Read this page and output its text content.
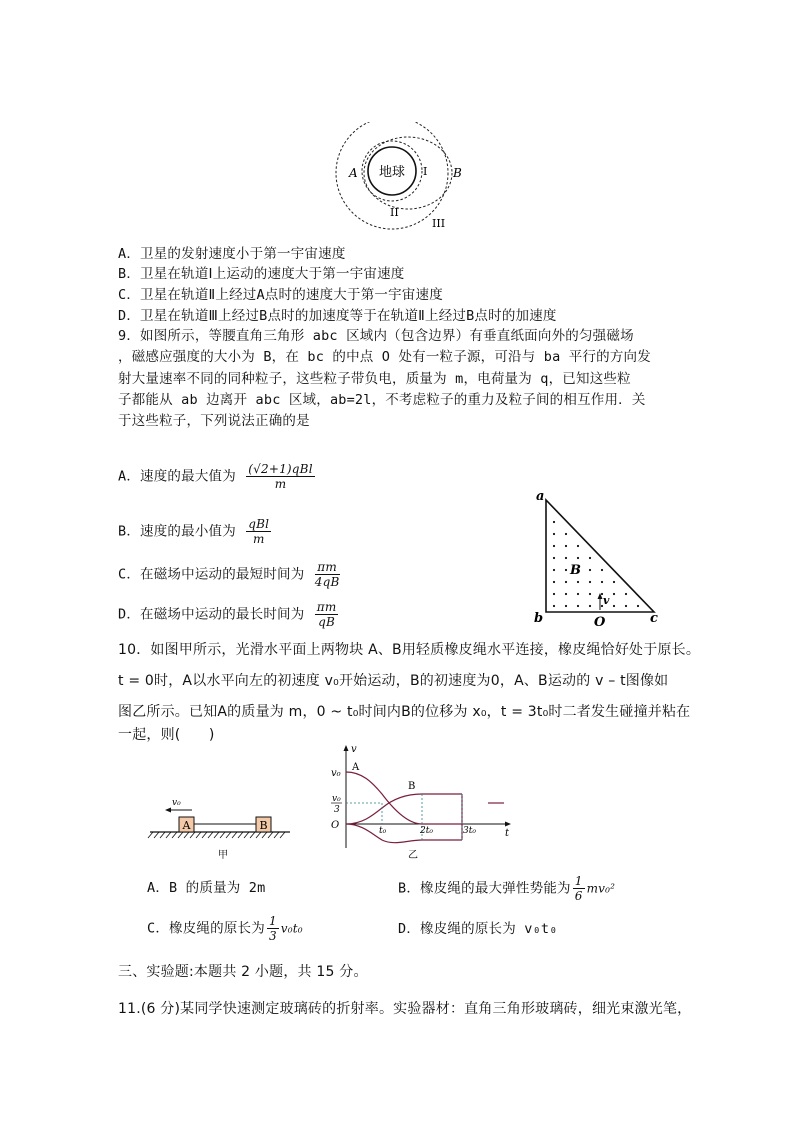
地球
A	B
I
II
III
A．卫星的发射速度小于第一宇宙速度
B．卫星在轨道Ⅰ上运动的速度大于第一宇宙速度
C．卫星在轨道Ⅱ上经过A点时的速度大于第一宇宙速度
D．卫星在轨道Ⅲ上经过B点时的加速度等于在轨道Ⅱ上经过B点时的加速度
9．如图所示，等腰直角三角形 abc 区域内（包含边界）有垂直纸面向外的匀强磁场
，磁感应强度的大小为 B，在 bc 的中点 O 处有一粒子源，可沿与 ba 平行的方向发
射大量速率不同的同种粒子，这些粒子带负电，质量为 m，电荷量为 q，已知这些粒
子都能从 ab 边离开 abc 区域，ab=2l，不考虑粒子的重力及粒子间的相互作用．关
于这些粒子，下列说法正确的是
A．速度的最大值为 $\frac{\text{(√2+1)qBl}}{m}$
B．速度的最小值为 $\frac{\text{qBl}}{m}$
C．在磁场中运动的最短时间为 $\frac{\pi m}{4qB}$
D．在磁场中运动的最长时间为 $\frac{\pi m}{qB}$
a
b	c
O
B
v
10．如图甲所示，光滑水平面上两物块 A、B用轻质橡皮绳水平连接，橡皮绳恰好处于原长。
t = 0时，A以水平向左的初速度 v₀开始运动，B的初速度为0，A、B运动的 v – t图像如
图乙所示。已知A的质量为 m，0 ~ t₀时间内B的位移为 x₀，t = 3t₀时二者发生碰撞并粘在
一起，则(　　)
A	B
v₀
甲
v
t
O
v₀
v₀
3
A
B
t₀	2t₀	3t₀
乙
A．B 的质量为 2m	B．橡皮绳的最大弹性势能为 $\frac{1}{6} mv_0^2$
C．橡皮绳的原长为 $\frac{1}{3} v_0t_0$	D．橡皮绳的原长为 v₀t₀
三、实验题:本题共 2 小题，共 15 分。
11.(6 分)某同学快速测定玻璃砖的折射率。实验器材：直角三角形玻璃砖，细光束激光笔，
